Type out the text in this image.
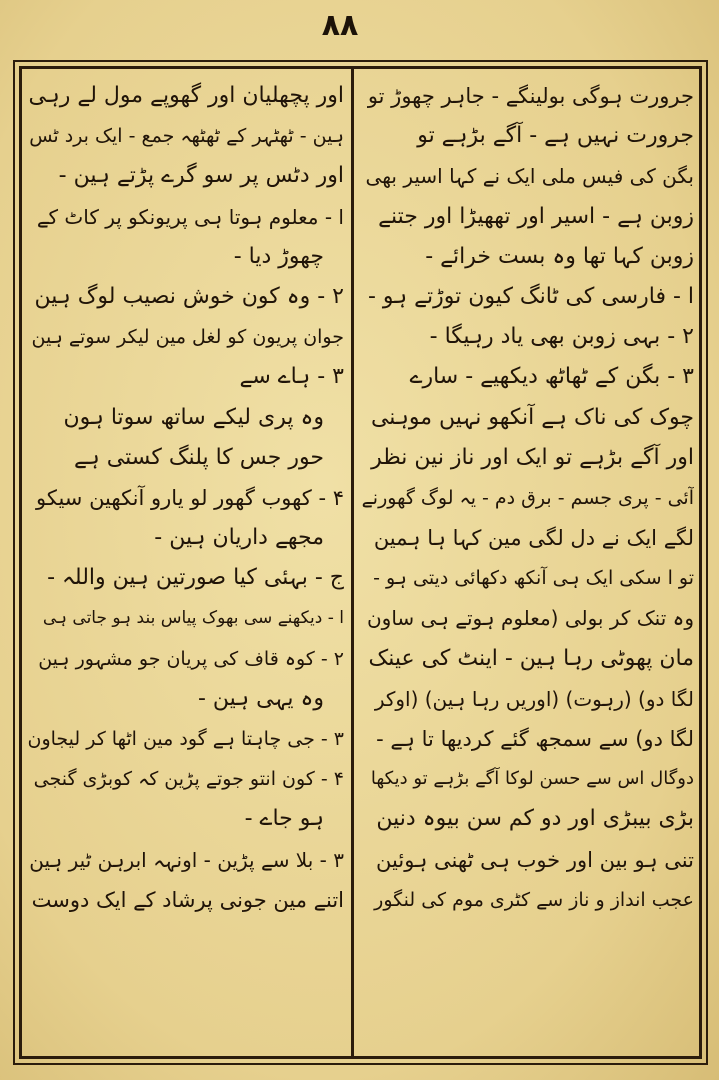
۸۸
جرورت ہوگی بولینگے - جاہر چھوڑ تو
جرورت نہیں ہے - آگے بڑہے تو
بگن کی فیس ملی ایک نے کہا اسیر بھی
زوبن ہے - اسیر اور تھھیڑا اور جتنے
زوبن کہا تھا وہ بست خرائے -
ا - فارسی کی ٹانگ کیون توڑتے ہو -
۲ - بہی زوبن بھی یاد رہیگا -
۳ - بگن کے ٹھاٹھ دیکھیے - سارے
چوک کی ناک ہے آنکھو نہیں موہنی
اور آگے بڑہے تو ایک اور ناز نین نظر
آئی - پری جسم - برق دم - یہ لوگ گھورنے
لگے ایک نے دل لگی مین کہا ہا ہمین
تو ا سکی ایک ہی آنکھ دکھائی دیتی ہو -
وہ تنک کر بولی (معلوم ہوتے ہی ساون
مان پھوٹی رہا ہین - اینٹ کی عینک
لگا دو) (رہوت) (اوریں رہا ہین) (اوکر
لگا دو) سے سمجھ گئے کردیھا تا ہے -
دوگال اس سے حسن لوکا آگے بڑہے تو دیکھا
بڑی بیبڑی اور دو کم سن بیوہ دنین
تنی ہو بین اور خوب ہی ٹھنی ہوئین
عجب انداز و ناز سے کٹری موم کی لنگور
اور پچھلیان اور گھوپے مول لے رہی
ہین - ٹھٹہر کے ٹھٹھہ جمع - ایک برد ٹس
اور دٹس پر سو گرے پڑتے ہین -
ا - معلوم ہوتا ہی پریونکو پر کاٹ کے
چھوڑ دیا -
۲ - وہ کون خوش نصیب لوگ ہین
جوان پریون کو لغل مین لیکر سوتے ہین
۳ - ہاے سے
وہ پری لیکے ساتھ سوتا ہون
حور جس کا پلنگ کستی ہے
۴ - کھوب گھور لو یارو آنکھین سیکو
مجھے داریان ہین -
ج - بہئی کیا صورتین ہین واللہ -
ا - دیکھنے سی بھوک پیاس بند ہو جاتی ہی
۲ - کوہ قاف کی پریان جو مشہور ہین
وہ یہی ہین -
۳ - جی چاہتا ہے گود مین اٹھا کر لیجاون
۴ - کون انتو جوتے پڑین کہ کوبڑی گنجی
ہو جاے -
۳ - بلا سے پڑین - اونہہ ابرہن ٹیر ہین
اتنے مین جونی پرشاد کے ایک دوست
